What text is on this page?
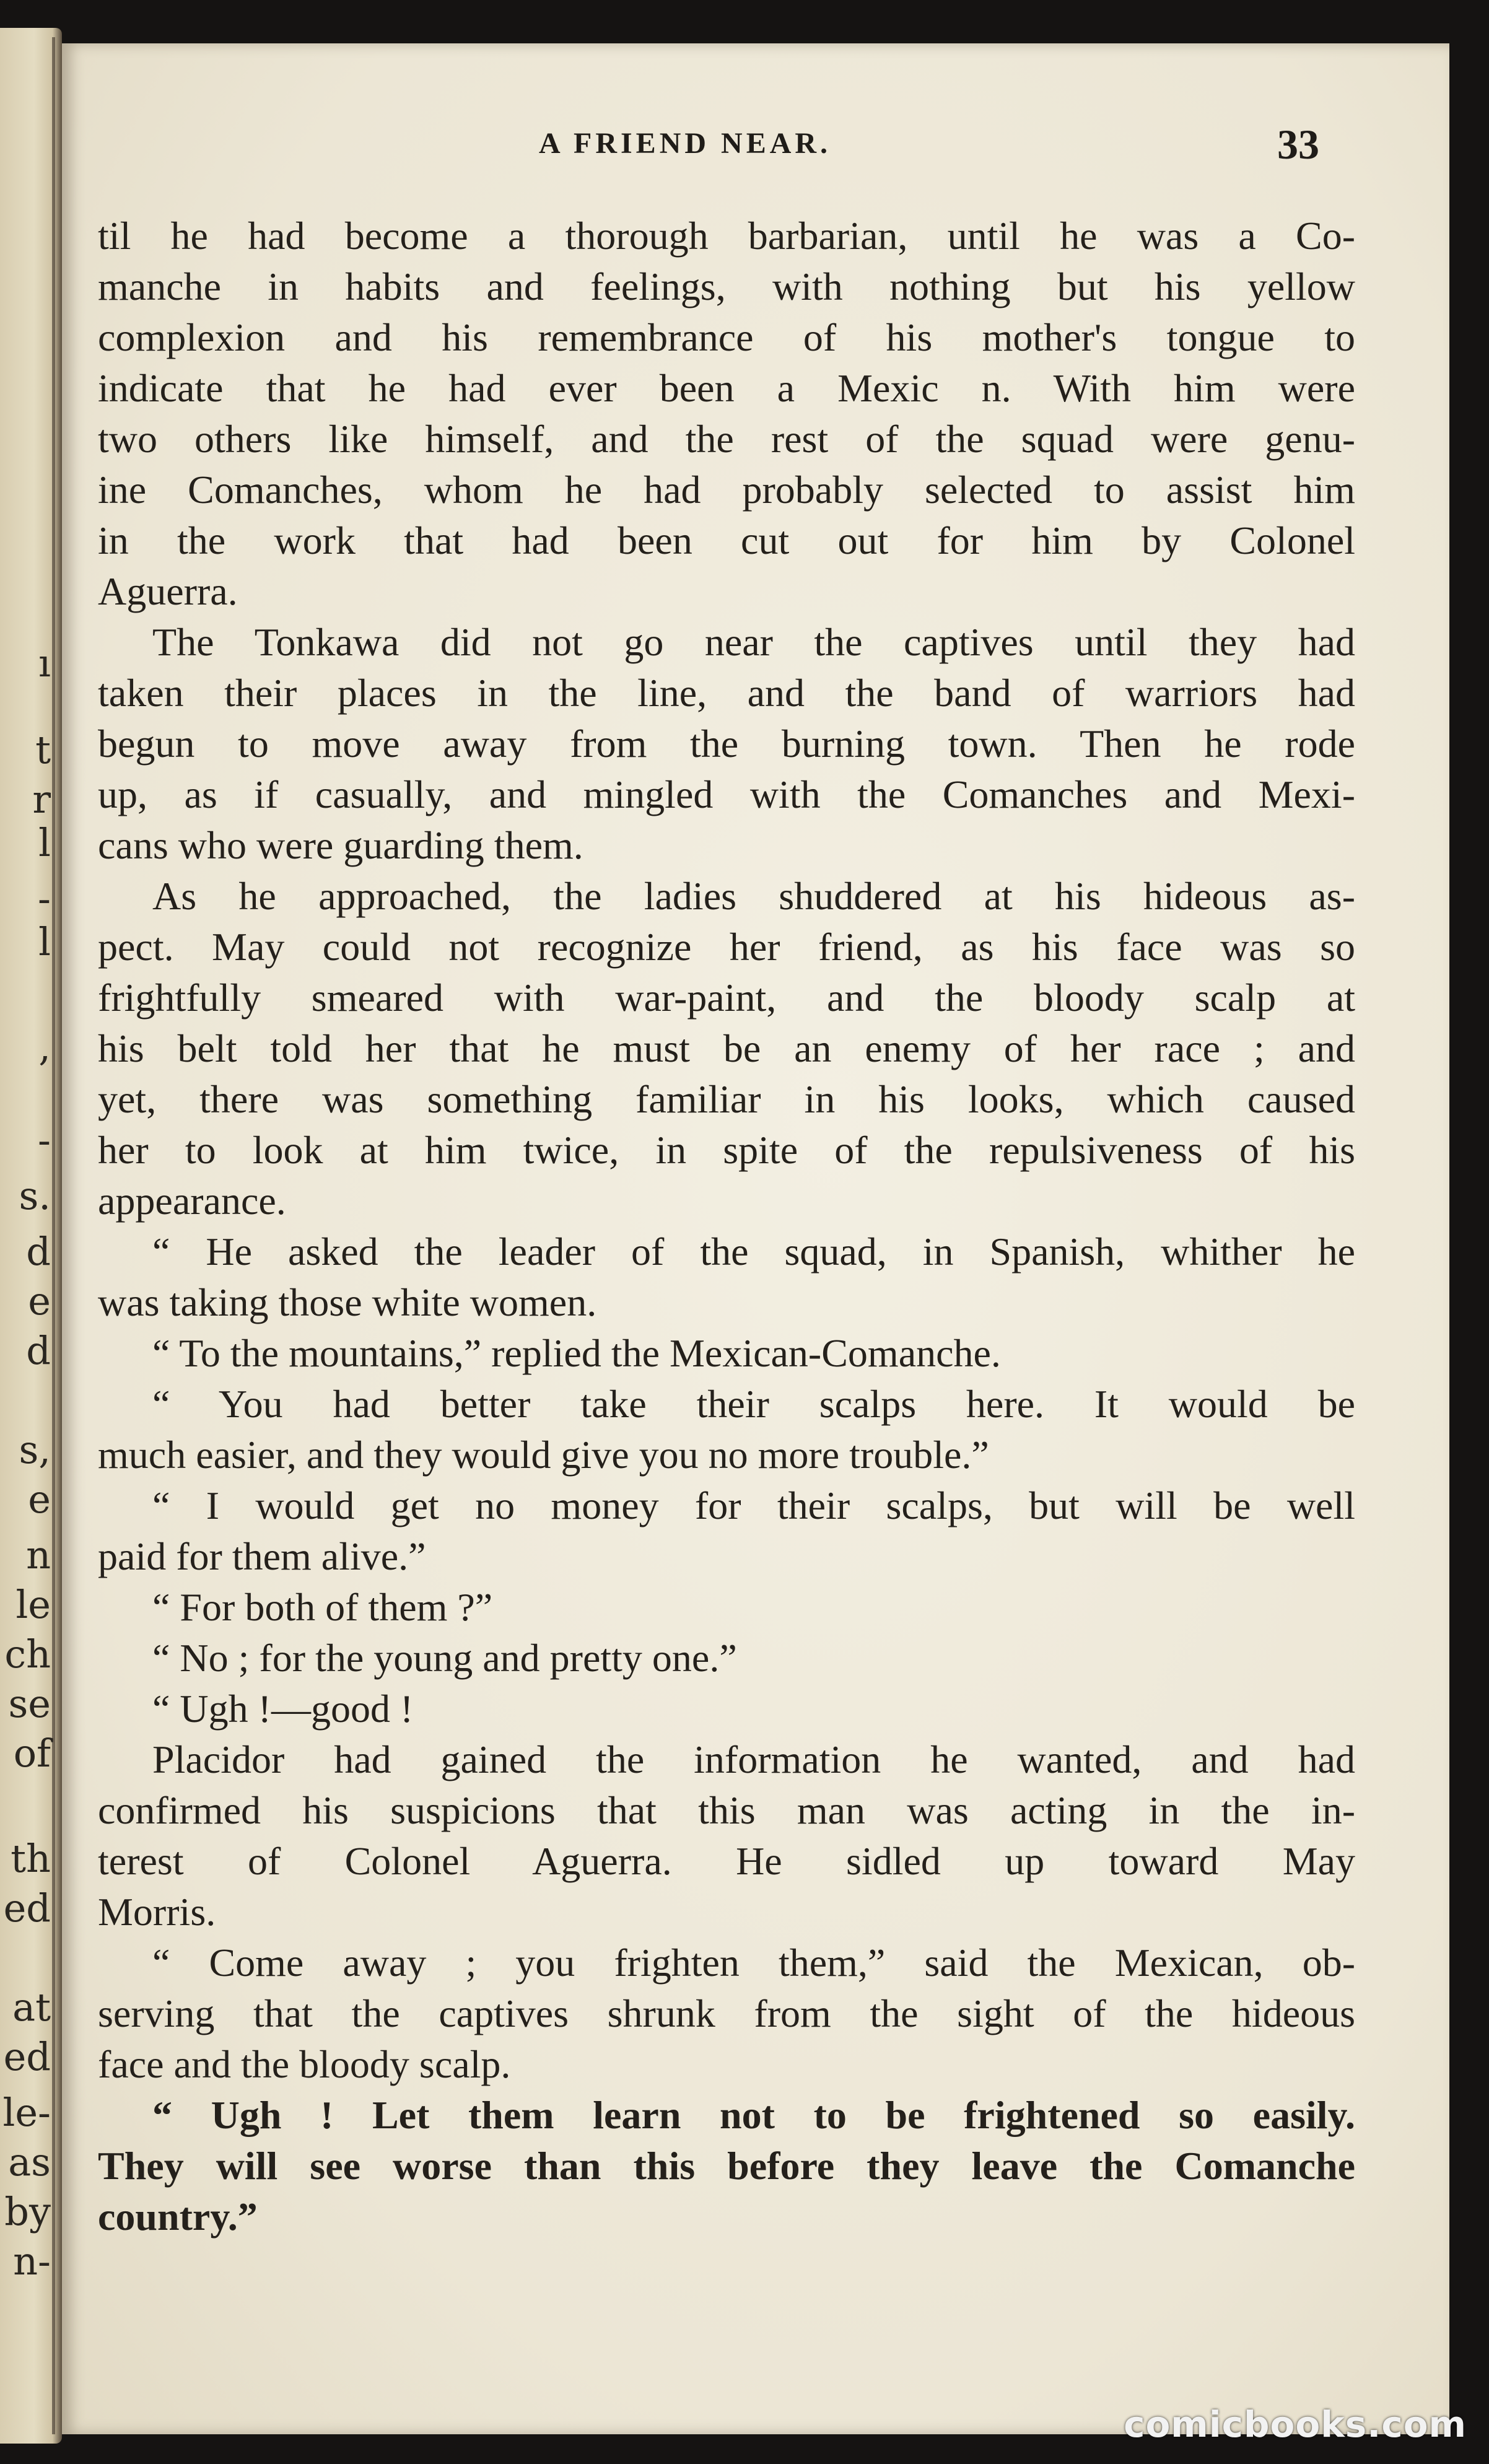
ı
t
r
l
-
l
,
-
s.
d
e
d
s,
e
n
le
ch
se
of
th
ed
at
ed
le-
as
by
n-
A FRIEND NEAR.	33
til he had become a thorough barbarian, until he was a Co-
manche in habits and feelings, with nothing but his yellow
complexion and his remembrance of his mother's tongue to
indicate that he had ever been a Mexic n. With him were
two others like himself, and the rest of the squad were genu-
ine Comanches, whom he had probably selected to assist him
in the work that had been cut out for him by Colonel
Aguerra.
The Tonkawa did not go near the captives until they had
taken their places in the line, and the band of warriors had
begun to move away from the burning town. Then he rode
up, as if casually, and mingled with the Comanches and Mexi-
cans who were guarding them.
As he approached, the ladies shuddered at his hideous as-
pect. May could not recognize her friend, as his face was so
frightfully smeared with war-paint, and the bloody scalp at
his belt told her that he must be an enemy of her race ; and
yet, there was something familiar in his looks, which caused
her to look at him twice, in spite of the repulsiveness of his
appearance.
“ He asked the leader of the squad, in Spanish, whither he
was taking those white women.
“ To the mountains,” replied the Mexican-Comanche.
“ You had better take their scalps here. It would be
much easier, and they would give you no more trouble.”
“ I would get no money for their scalps, but will be well
paid for them alive.”
“ For both of them ?”
“ No ; for the young and pretty one.”
“ Ugh !—good !
Placidor had gained the information he wanted, and had
confirmed his suspicions that this man was acting in the in-
terest of Colonel Aguerra. He sidled up toward May
Morris.
“ Come away ; you frighten them,” said the Mexican, ob-
serving that the captives shrunk from the sight of the hideous
face and the bloody scalp.
“ Ugh ! Let them learn not to be frightened so easily.
They will see worse than this before they leave the Comanche
country.”
comicbooks.com
